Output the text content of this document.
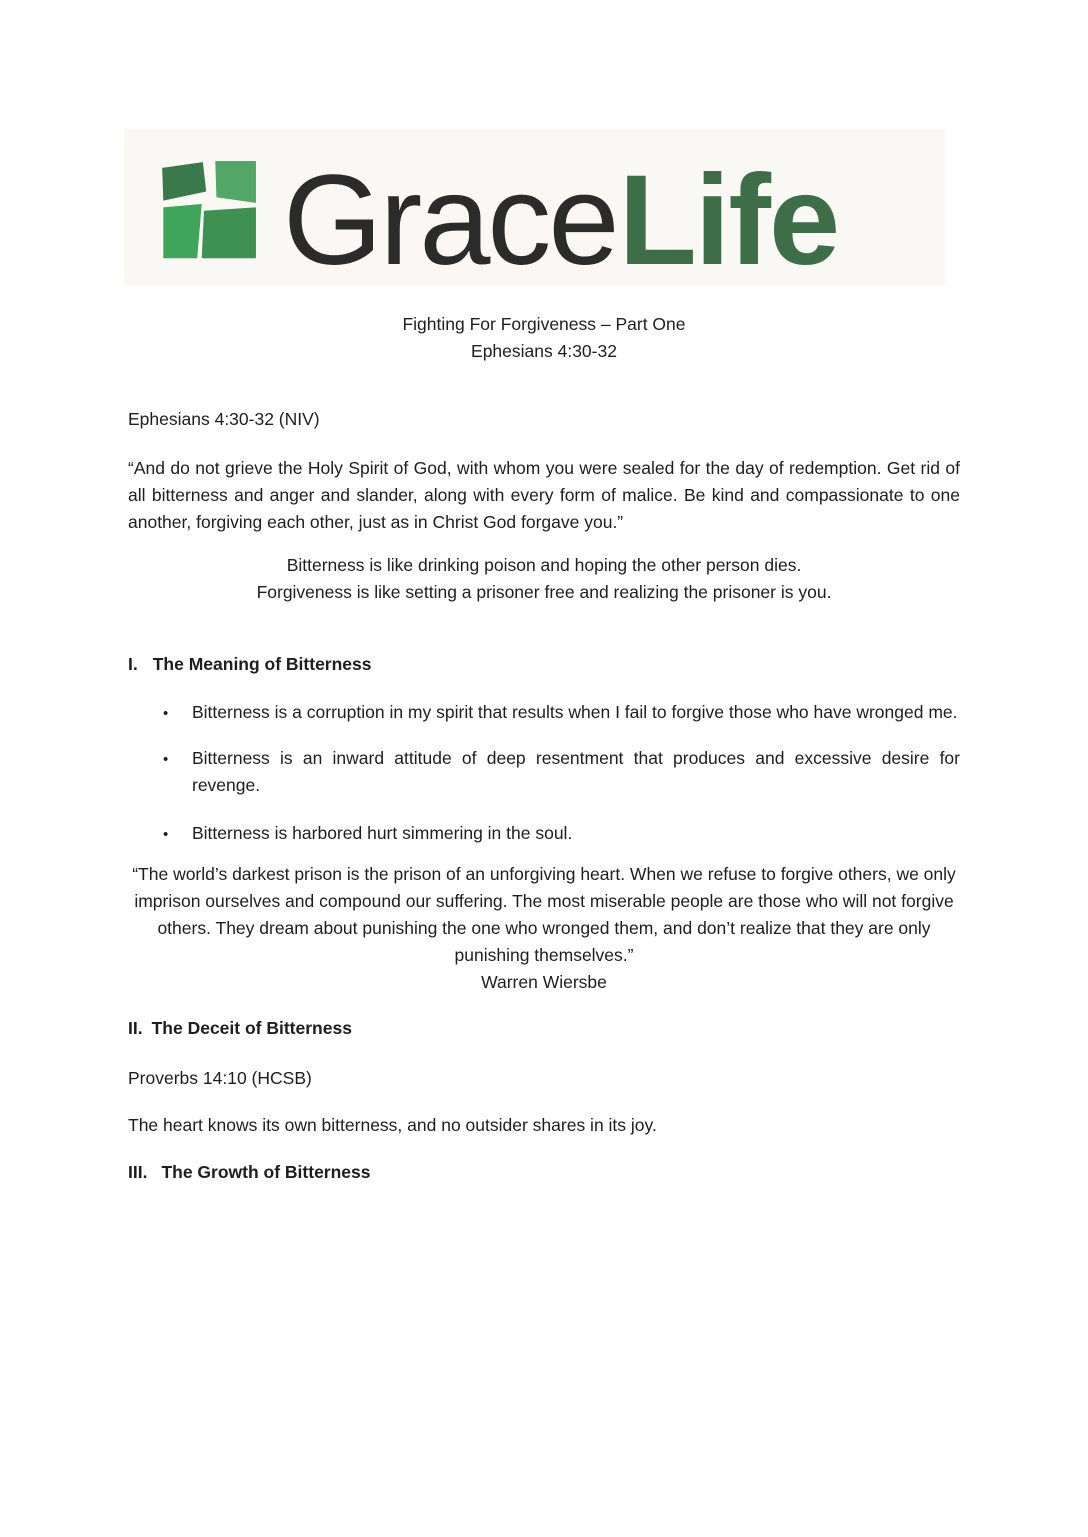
Grace Life
Fighting For Forgiveness – Part One
Ephesians 4:30-32
Ephesians 4:30-32 (NIV)

“And do not grieve the Holy Spirit of God, with whom you were sealed for the day of redemption. Get rid of all bitterness and anger and slander, along with every form of malice. Be kind and compassionate to one another, forgiving each other, just as in Christ God forgave you.”

Bitterness is like drinking poison and hoping the other person dies.
Forgiveness is like setting a prisoner free and realizing the prisoner is you.
I. The Meaning of Bitterness
• Bitterness is a corruption in my spirit that results when I fail to forgive those who have wronged me.
• Bitterness is an inward attitude of deep resentment that produces and excessive desire for revenge.
• Bitterness is harbored hurt simmering in the soul.

“The world’s darkest prison is the prison of an unforgiving heart. When we refuse to forgive others, we only imprison ourselves and compound our suffering. The most miserable people are those who will not forgive others. They dream about punishing the one who wronged them, and don’t realize that they are only punishing themselves.”

Warren Wiersbe
II. The Deceit of Bitterness
Proverbs 14:10 (HCSB)
The heart knows its own bitterness, and no outsider shares in its joy.
III. The Growth of Bitterness
